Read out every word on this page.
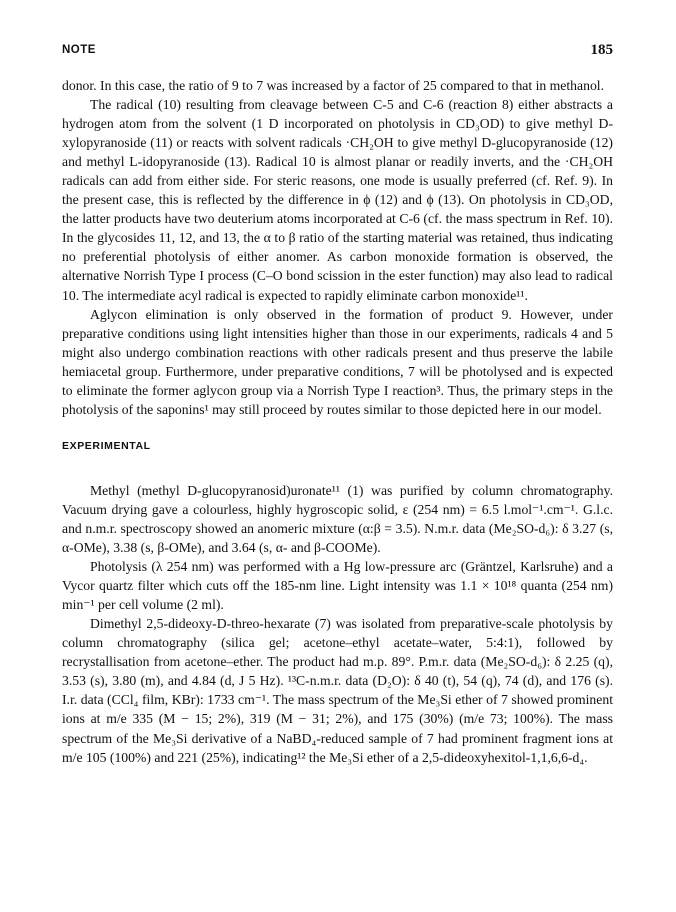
NOTE	185

donor. In this case, the ratio of 9 to 7 was increased by a factor of 25 compared to that in methanol.

The radical (10) resulting from cleavage between C-5 and C-6 (reaction 8) either abstracts a hydrogen atom from the solvent (1 D incorporated on photolysis in CD₃OD) to give methyl D-xylopyranoside (11) or reacts with solvent radicals ·CH₂OH to give methyl D-glucopyranoside (12) and methyl L-idopyranoside (13). Radical 10 is almost planar or readily inverts, and the ·CH₂OH radicals can add from either side. For steric reasons, one mode is usually preferred (cf. Ref. 9). In the present case, this is reflected by the difference in ϕ (12) and ϕ (13). On photolysis in CD₃OD, the latter products have two deuterium atoms incorporated at C-6 (cf. the mass spectrum in Ref. 10). In the glycosides 11, 12, and 13, the α to β ratio of the starting material was retained, thus indicating no preferential photolysis of either anomer. As carbon monoxide formation is observed, the alternative Norrish Type I process (C–O bond scission in the ester function) may also lead to radical 10. The intermediate acyl radical is expected to rapidly eliminate carbon monoxide¹¹.

Aglycon elimination is only observed in the formation of product 9. However, under preparative conditions using light intensities higher than those in our experiments, radicals 4 and 5 might also undergo combination reactions with other radicals present and thus preserve the labile hemiacetal group. Furthermore, under preparative conditions, 7 will be photolysed and is expected to eliminate the former aglycon group via a Norrish Type I reaction³. Thus, the primary steps in the photolysis of the saponins¹ may still proceed by routes similar to those depicted here in our model.

EXPERIMENTAL

Methyl (methyl D-glucopyranosid)uronate¹¹ (1) was purified by column chromatography. Vacuum drying gave a colourless, highly hygroscopic solid, ε (254 nm) = 6.5 l.mol⁻¹.cm⁻¹. G.l.c. and n.m.r. spectroscopy showed an anomeric mixture (α:β = 3.5). N.m.r. data (Me₂SO-d₆): δ 3.27 (s, α-OMe), 3.38 (s, β-OMe), and 3.64 (s, α- and β-COOMe).

Photolysis (λ 254 nm) was performed with a Hg low-pressure arc (Gräntzel, Karlsruhe) and a Vycor quartz filter which cuts off the 185-nm line. Light intensity was 1.1 × 10¹⁸ quanta (254 nm) min⁻¹ per cell volume (2 ml).

Dimethyl 2,5-dideoxy-D-threo-hexarate (7) was isolated from preparative-scale photolysis by column chromatography (silica gel; acetone–ethyl acetate–water, 5:4:1), followed by recrystallisation from acetone–ether. The product had m.p. 89°. P.m.r. data (Me₂SO-d₆): δ 2.25 (q), 3.53 (s), 3.80 (m), and 4.84 (d, J 5 Hz). ¹³C-n.m.r. data (D₂O): δ 40 (t), 54 (q), 74 (d), and 176 (s). I.r. data (CCl₄ film, KBr): 1733 cm⁻¹. The mass spectrum of the Me₃Si ether of 7 showed prominent ions at m/e 335 (M − 15; 2%), 319 (M − 31; 2%), and 175 (30%) (m/e 73; 100%). The mass spectrum of the Me₃Si derivative of a NaBD₄-reduced sample of 7 had prominent fragment ions at m/e 105 (100%) and 221 (25%), indicating¹² the Me₃Si ether of a 2,5-dideoxyhexitol-1,1,6,6-d₄.
